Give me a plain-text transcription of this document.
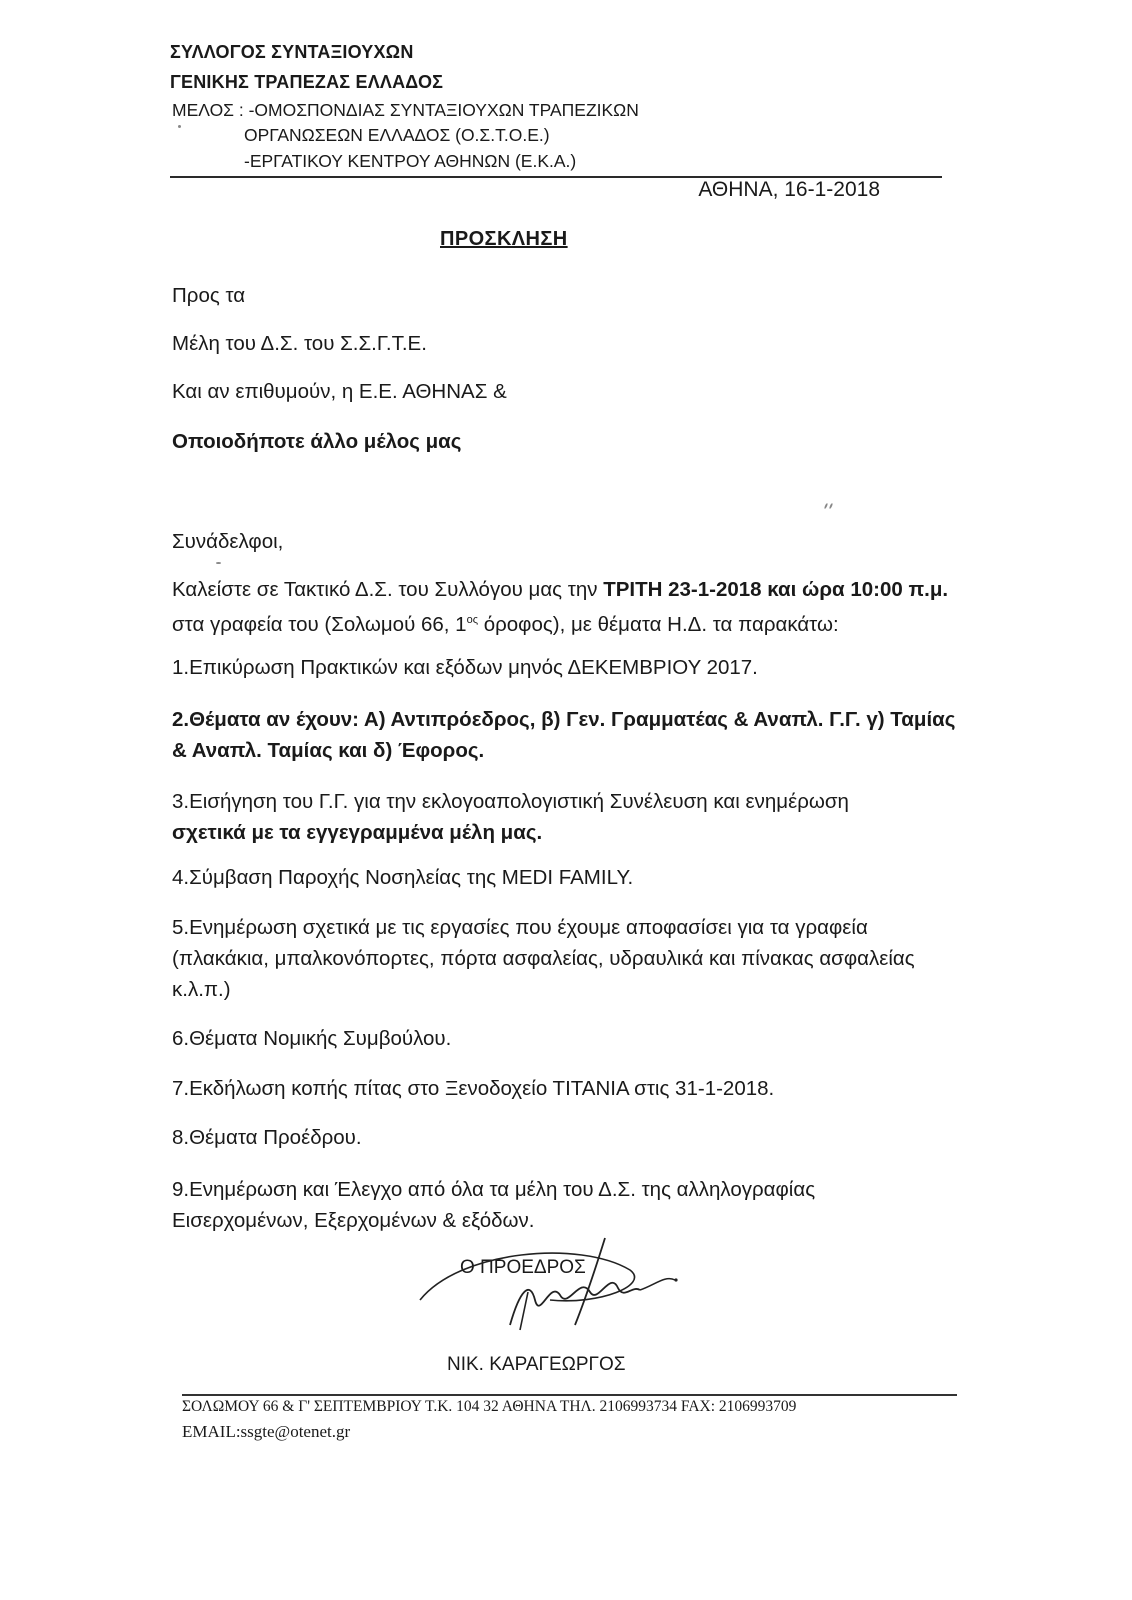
ΣΥΛΛΟΓΟΣ ΣΥΝΤΑΞΙΟΥΧΩΝ
ΓΕΝΙΚΗΣ ΤΡΑΠΕΖΑΣ ΕΛΛΑΔΟΣ
ΜΕΛΟΣ : -ΟΜΟΣΠΟΝΔΙΑΣ ΣΥΝΤΑΞΙΟΥΧΩΝ ΤΡΑΠΕΖΙΚΩΝ
ΟΡΓΑΝΩΣΕΩΝ ΕΛΛΑΔΟΣ (Ο.Σ.Τ.Ο.Ε.)
-ΕΡΓΑΤΙΚΟΥ ΚΕΝΤΡΟΥ ΑΘΗΝΩΝ (Ε.Κ.Α.)
ΑΘΗΝΑ, 16-1-2018
ΠΡΟΣΚΛΗΣΗ
Προς τα
Μέλη του Δ.Σ. του Σ.Σ.Γ.Τ.Ε.
Και αν επιθυμούν, η Ε.Ε. ΑΘΗΝΑΣ &
Οποιοδήποτε άλλο μέλος μας
Συνάδελφοι,
Καλείστε σε Τακτικό Δ.Σ. του Συλλόγου μας την ΤΡΙΤΗ 23-1-2018 και ώρα 10:00 π.μ.
στα γραφεία του (Σολωμού 66, $1^{o\varsigma}$ όροφος), με θέματα Η.Δ. τα παρακάτω:
1.Επικύρωση Πρακτικών και εξόδων μηνός ΔΕΚΕΜΒΡΙΟΥ 2017.
2.Θέματα αν έχουν: Α) Αντιπρόεδρος, β) Γεν. Γραμματέας & Αναπλ. Γ.Γ. γ) Ταμίας
& Αναπλ. Ταμίας και δ) Έφορος.
3.Εισήγηση του Γ.Γ. για την εκλογοαπολογιστική Συνέλευση και ενημέρωση
σχετικά με τα εγγεγραμμένα μέλη μας.
4.Σύμβαση Παροχής Νοσηλείας της MEDI FAMILY.
5.Ενημέρωση σχετικά με τις εργασίες που έχουμε αποφασίσει για τα γραφεία
(πλακάκια, μπαλκονόπορτες, πόρτα ασφαλείας, υδραυλικά και πίνακας ασφαλείας
κ.λ.π.)
6.Θέματα Νομικής Συμβούλου.
7.Εκδήλωση κοπής πίτας στο Ξενοδοχείο ΤΙΤΑΝΙΑ στις 31-1-2018.
8.Θέματα Προέδρου.
9.Ενημέρωση και Έλεγχο από όλα τα μέλη του Δ.Σ. της αλληλογραφίας
Εισερχομένων, Εξερχομένων & εξόδων.
Ο ΠΡΟΕΔΡΟΣ
ΝΙΚ. ΚΑΡΑΓΕΩΡΓΟΣ
ΣΟΛΩΜΟΥ 66 & Γ' ΣΕΠΤΕΜΒΡΙΟΥ Τ.Κ. 104 32 ΑΘΗΝΑ ΤΗΛ. 2106993734 FAX: 2106993709
EMAIL:ssgte@otenet.gr
